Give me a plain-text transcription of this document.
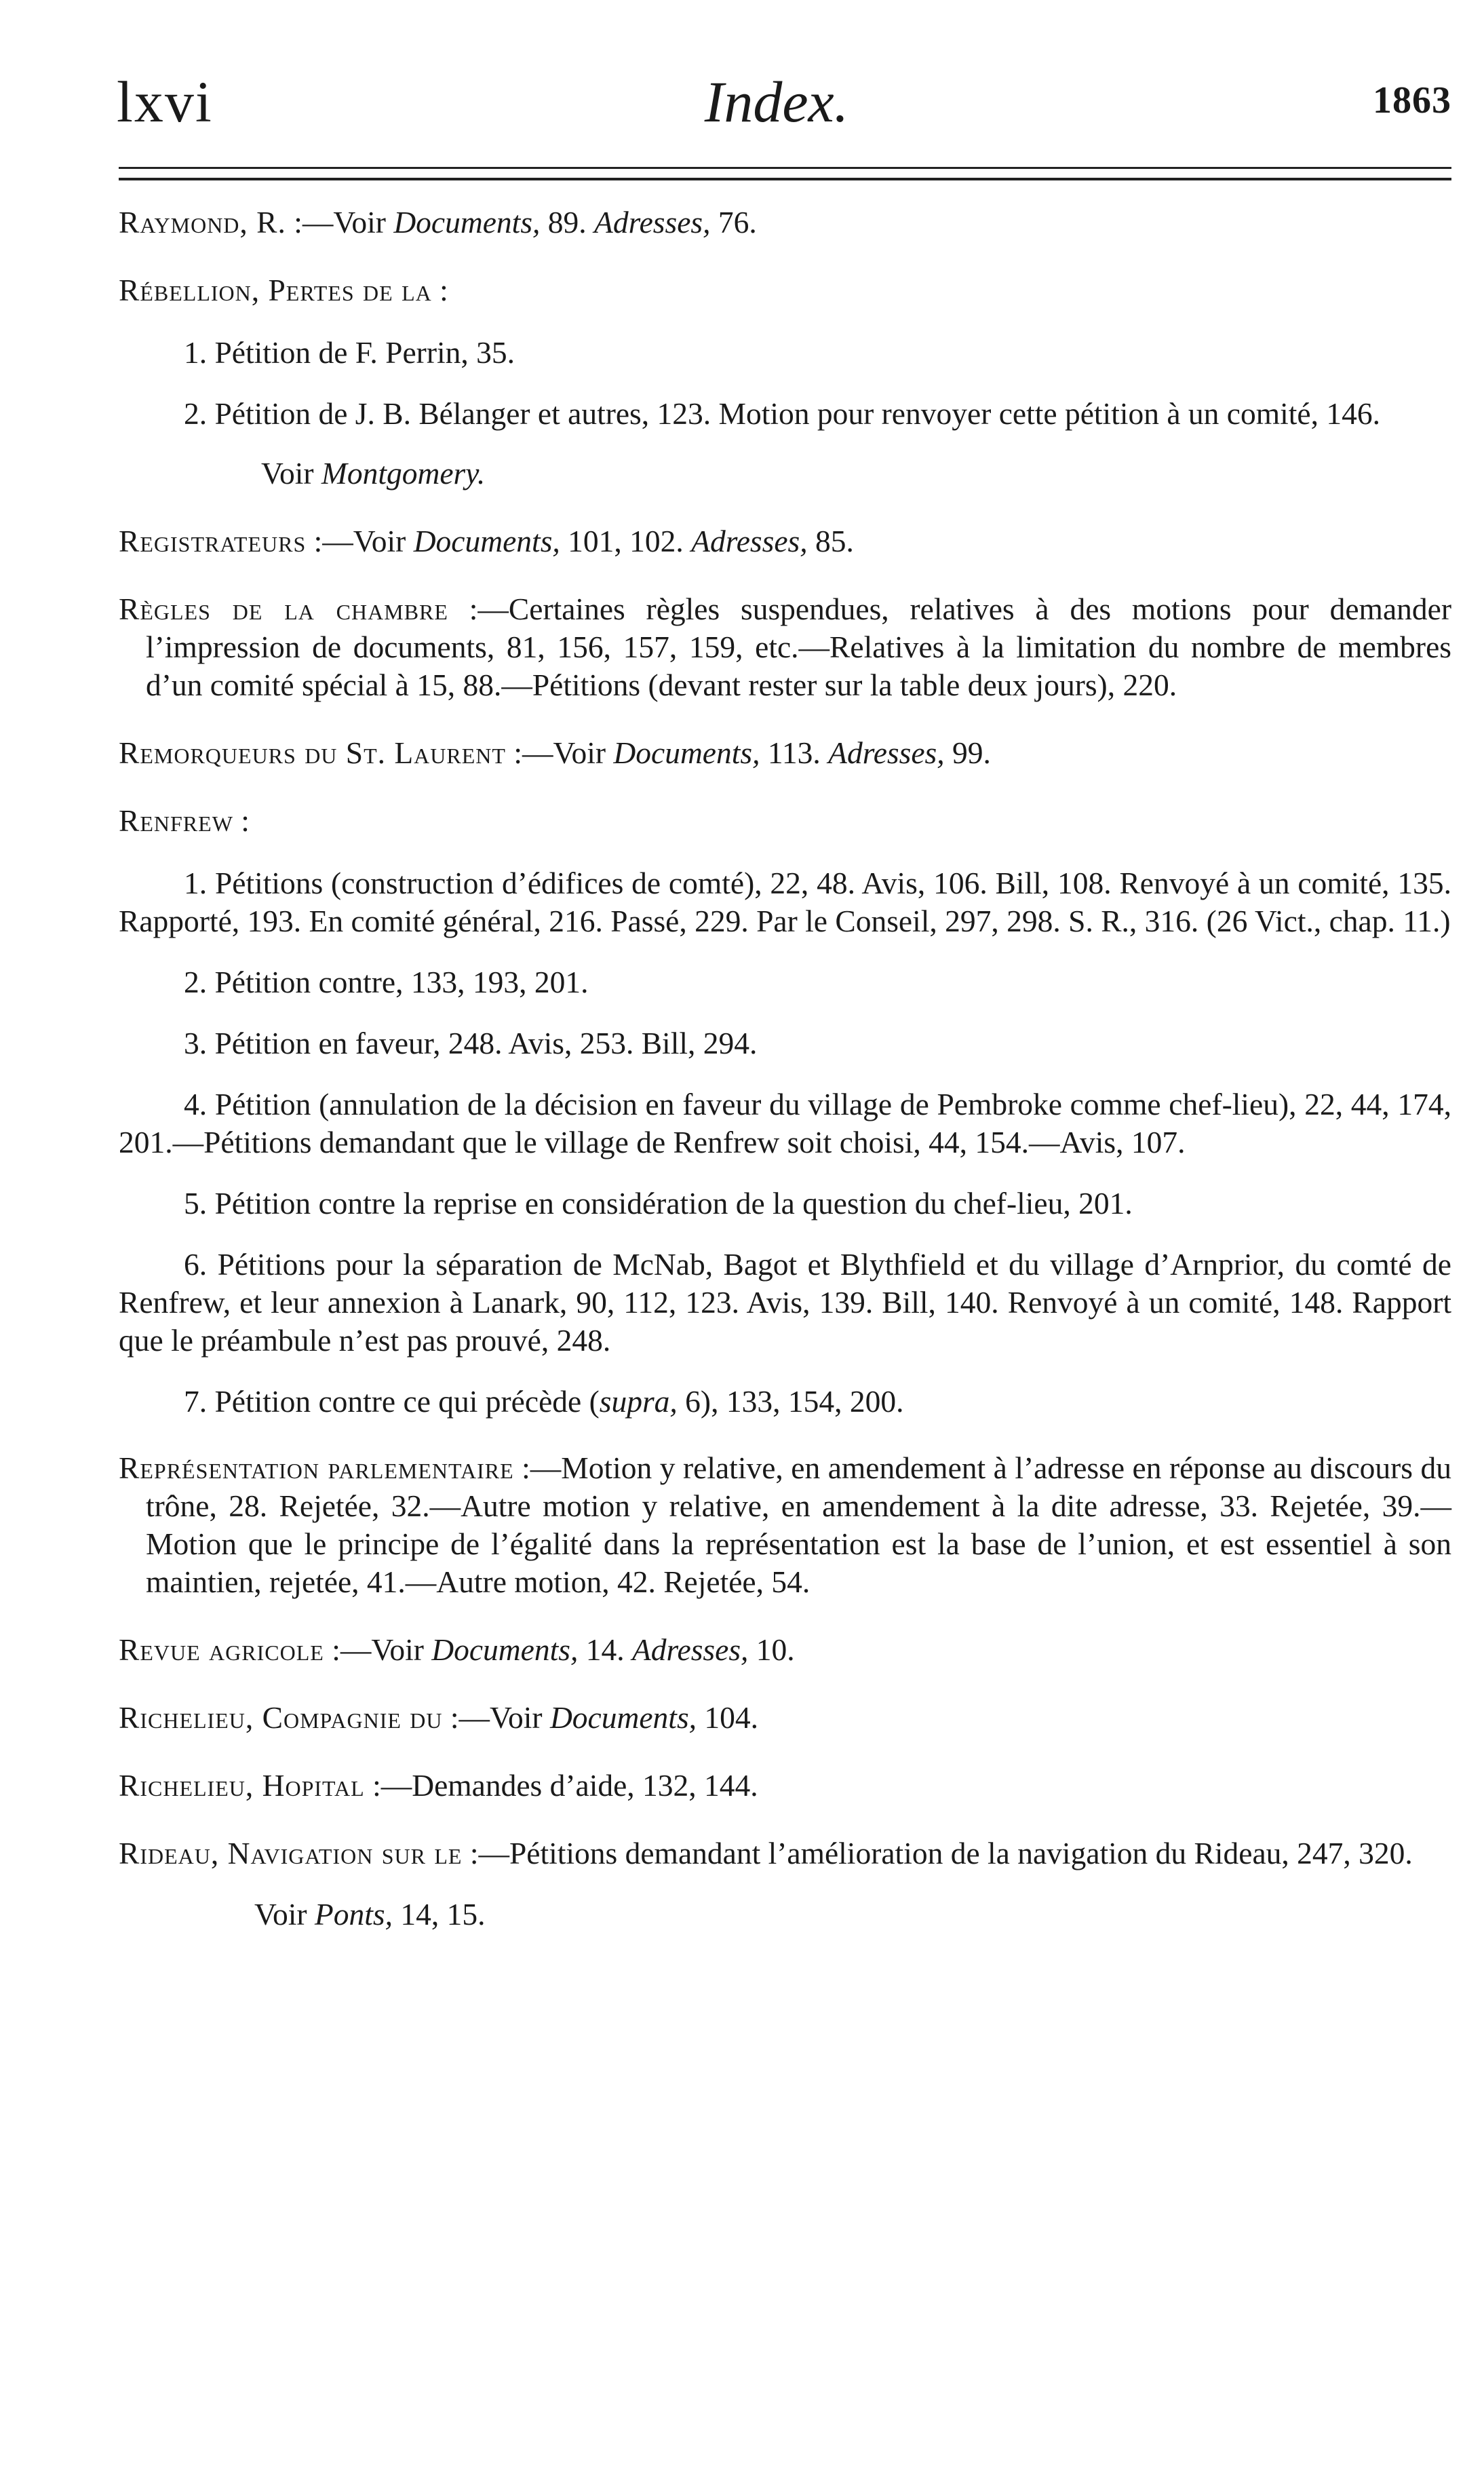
lxvi	Index.	1863

Raymond, R. :—Voir Documents, 89. Adresses, 76.

Rébellion, Pertes de la :

1. Pétition de F. Perrin, 35.

2. Pétition de J. B. Bélanger et autres, 123. Motion pour renvoyer cette pétition à un comité, 146.

Voir Montgomery.

Registrateurs :—Voir Documents, 101, 102. Adresses, 85.

Règles de la chambre :—Certaines règles suspendues, relatives à des motions pour demander l’impression de documents, 81, 156, 157, 159, etc.—Relatives à la limitation du nombre de membres d’un comité spécial à 15, 88.—Pétitions (devant rester sur la table deux jours), 220.

Remorqueurs du St. Laurent :—Voir Documents, 113. Adresses, 99.

Renfrew :

1. Pétitions (construction d’édifices de comté), 22, 48. Avis, 106. Bill, 108. Renvoyé à un comité, 135. Rapporté, 193. En comité général, 216. Passé, 229. Par le Conseil, 297, 298. S. R., 316. (26 Vict., chap. 11.)

2. Pétition contre, 133, 193, 201.

3. Pétition en faveur, 248. Avis, 253. Bill, 294.

4. Pétition (annulation de la décision en faveur du village de Pembroke comme chef-lieu), 22, 44, 174, 201.—Pétitions demandant que le village de Renfrew soit choisi, 44, 154.—Avis, 107.

5. Pétition contre la reprise en considération de la question du chef-lieu, 201.

6. Pétitions pour la séparation de McNab, Bagot et Blythfield et du village d’Arnprior, du comté de Renfrew, et leur annexion à Lanark, 90, 112, 123. Avis, 139. Bill, 140. Renvoyé à un comité, 148. Rapport que le préambule n’est pas prouvé, 248.

7. Pétition contre ce qui précède (supra, 6), 133, 154, 200.

Représentation parlementaire :—Motion y relative, en amendement à l’adresse en réponse au discours du trône, 28. Rejetée, 32.—Autre motion y relative, en amendement à la dite adresse, 33. Rejetée, 39.—Motion que le principe de l’égalité dans la représentation est la base de l’union, et est essentiel à son maintien, rejetée, 41.—Autre motion, 42. Rejetée, 54.

Revue agricole :—Voir Documents, 14. Adresses, 10.

Richelieu, Compagnie du :—Voir Documents, 104.

Richelieu, Hopital :—Demandes d’aide, 132, 144.

Rideau, Navigation sur le :—Pétitions demandant l’amélioration de la navigation du Rideau, 247, 320.

Voir Ponts, 14, 15.
